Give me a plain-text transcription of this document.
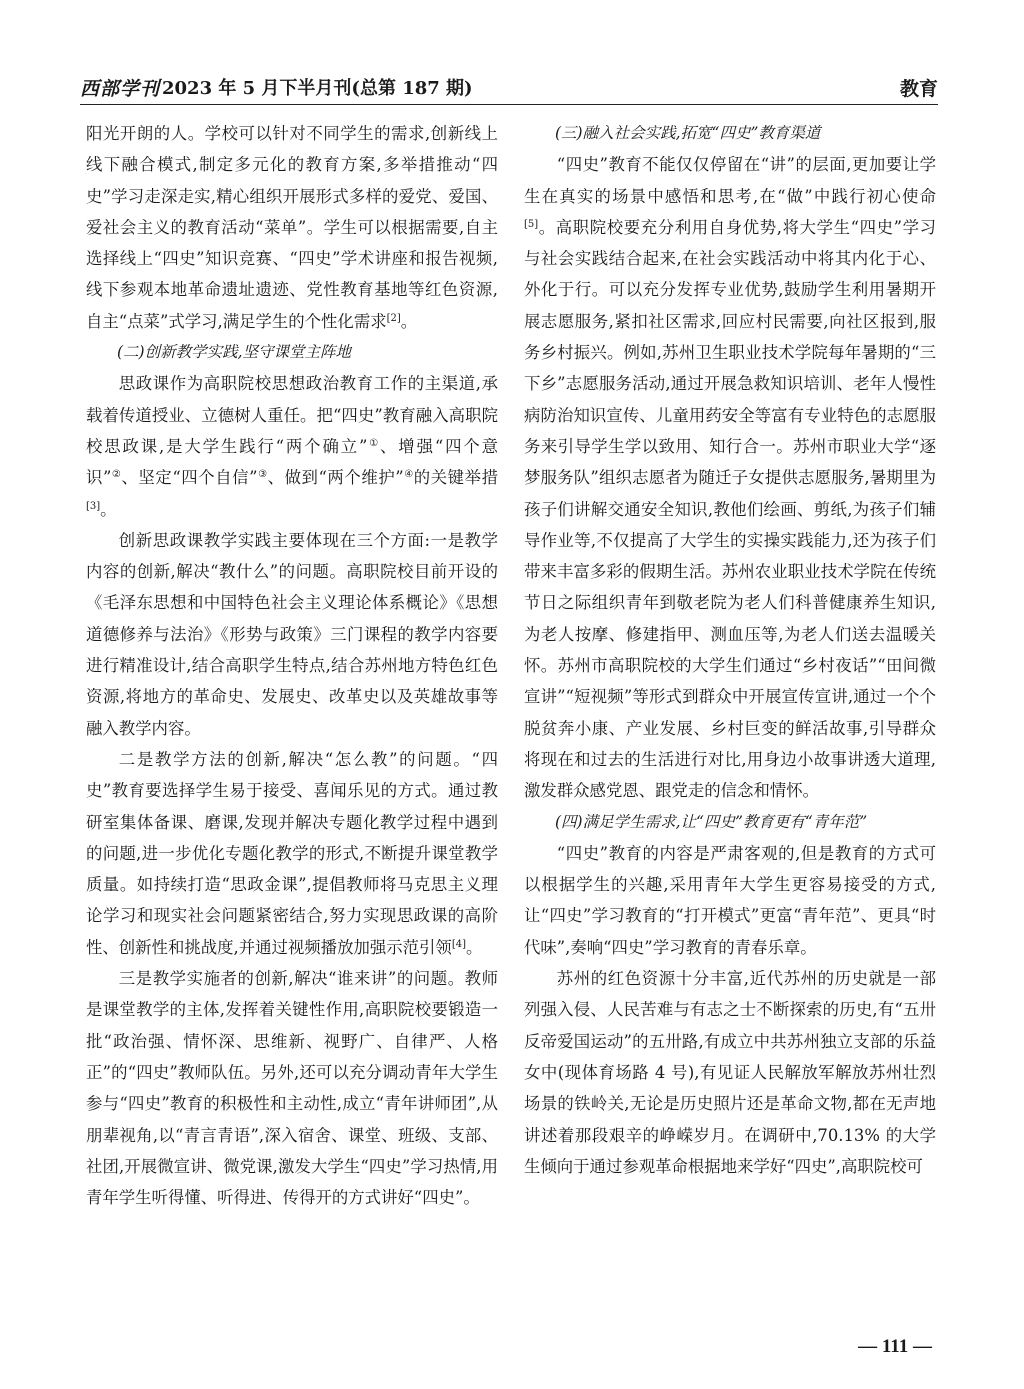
西部学刊 2023 年 5 月下半月刊(总第 187 期)	教育

阳光开朗的人。学校可以针对不同学生的需求,创新线上线下融合模式,制定多元化的教育方案,多举措推动“四史”学习走深走实,精心组织开展形式多样的爱党、爱国、爱社会主义的教育活动“菜单”。学生可以根据需要,自主选择线上“四史”知识竞赛、“四史”学术讲座和报告视频,线下参观本地革命遗址遗迹、党性教育基地等红色资源,自主“点菜”式学习,满足学生的个性化需求[2]。

(二)创新教学实践,坚守课堂主阵地

思政课作为高职院校思想政治教育工作的主渠道,承载着传道授业、立德树人重任。把“四史”教育融入高职院校思政课,是大学生践行“两个确立”①、增强“四个意识”②、坚定“四个自信”③、做到“两个维护”④的关键举措[3]。

创新思政课教学实践主要体现在三个方面:一是教学内容的创新,解决“教什么”的问题。高职院校目前开设的《毛泽东思想和中国特色社会主义理论体系概论》《思想道德修养与法治》《形势与政策》三门课程的教学内容要进行精准设计,结合高职学生特点,结合苏州地方特色红色资源,将地方的革命史、发展史、改革史以及英雄故事等融入教学内容。

二是教学方法的创新,解决“怎么教”的问题。“四史”教育要选择学生易于接受、喜闻乐见的方式。通过教研室集体备课、磨课,发现并解决专题化教学过程中遇到的问题,进一步优化专题化教学的形式,不断提升课堂教学质量。如持续打造“思政金课”,提倡教师将马克思主义理论学习和现实社会问题紧密结合,努力实现思政课的高阶性、创新性和挑战度,并通过视频播放加强示范引领[4]。

三是教学实施者的创新,解决“谁来讲”的问题。教师是课堂教学的主体,发挥着关键性作用,高职院校要锻造一批“政治强、情怀深、思维新、视野广、自律严、人格正”的“四史”教师队伍。另外,还可以充分调动青年大学生参与“四史”教育的积极性和主动性,成立“青年讲师团”,从朋辈视角,以“青言青语”,深入宿舍、课堂、班级、支部、社团,开展微宣讲、微党课,激发大学生“四史”学习热情,用青年学生听得懂、听得进、传得开的方式讲好“四史”。

(三)融入社会实践,拓宽“四史”教育渠道

“四史”教育不能仅仅停留在“讲”的层面,更加要让学生在真实的场景中感悟和思考,在“做”中践行初心使命[5]。高职院校要充分利用自身优势,将大学生“四史”学习与社会实践结合起来,在社会实践活动中将其内化于心、外化于行。可以充分发挥专业优势,鼓励学生利用暑期开展志愿服务,紧扣社区需求,回应村民需要,向社区报到,服务乡村振兴。例如,苏州卫生职业技术学院每年暑期的“三下乡”志愿服务活动,通过开展急救知识培训、老年人慢性病防治知识宣传、儿童用药安全等富有专业特色的志愿服务来引导学生学以致用、知行合一。苏州市职业大学“逐梦服务队”组织志愿者为随迁子女提供志愿服务,暑期里为孩子们讲解交通安全知识,教他们绘画、剪纸,为孩子们辅导作业等,不仅提高了大学生的实操实践能力,还为孩子们带来丰富多彩的假期生活。苏州农业职业技术学院在传统节日之际组织青年到敬老院为老人们科普健康养生知识,为老人按摩、修建指甲、测血压等,为老人们送去温暖关怀。苏州市高职院校的大学生们通过“乡村夜话”“田间微宣讲”“短视频”等形式到群众中开展宣传宣讲,通过一个个脱贫奔小康、产业发展、乡村巨变的鲜活故事,引导群众将现在和过去的生活进行对比,用身边小故事讲透大道理,激发群众感党恩、跟党走的信念和情怀。

(四)满足学生需求,让“四史”教育更有“青年范”

“四史”教育的内容是严肃客观的,但是教育的方式可以根据学生的兴趣,采用青年大学生更容易接受的方式,让“四史”学习教育的“打开模式”更富“青年范”、更具“时代味”,奏响“四史”学习教育的青春乐章。

苏州的红色资源十分丰富,近代苏州的历史就是一部列强入侵、人民苦难与有志之士不断探索的历史,有“五卅反帝爱国运动”的五卅路,有成立中共苏州独立支部的乐益女中(现体育场路 4 号),有见证人民解放军解放苏州壮烈场景的铁岭关,无论是历史照片还是革命文物,都在无声地讲述着那段艰辛的峥嵘岁月。在调研中,70.13% 的大学生倾向于通过参观革命根据地来学好“四史”,高职院校可

— 111 —
